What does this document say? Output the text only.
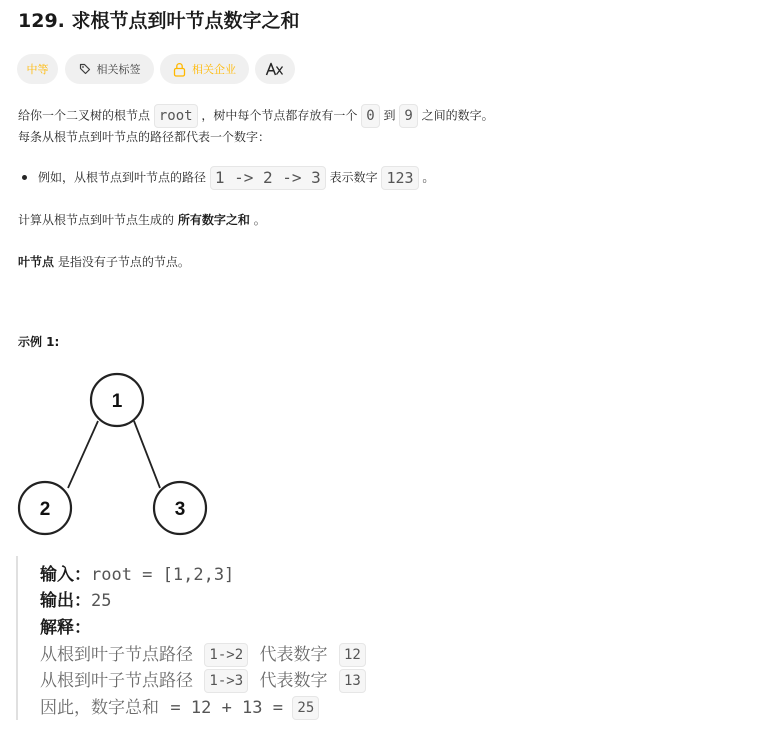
129. 求根节点到叶节点数字之和
中等	相关标签	相关企业
给你一个二叉树的根节点 root ，树中每个节点都存放有一个 0 到 9 之间的数字。
每条从根节点到叶节点的路径都代表一个数字：
例如，从根节点到叶节点的路径 1 -> 2 -> 3 表示数字 123 。
计算从根节点到叶节点生成的 所有数字之和 。
叶节点 是指没有子节点的节点。
示例 1:
1
2	3
输入：root = [1,2,3]
输出：25
解释：
从根到叶子节点路径 1->2 代表数字 12
从根到叶子节点路径 1->3 代表数字 13
因此，数字总和 = 12 + 13 = 25
